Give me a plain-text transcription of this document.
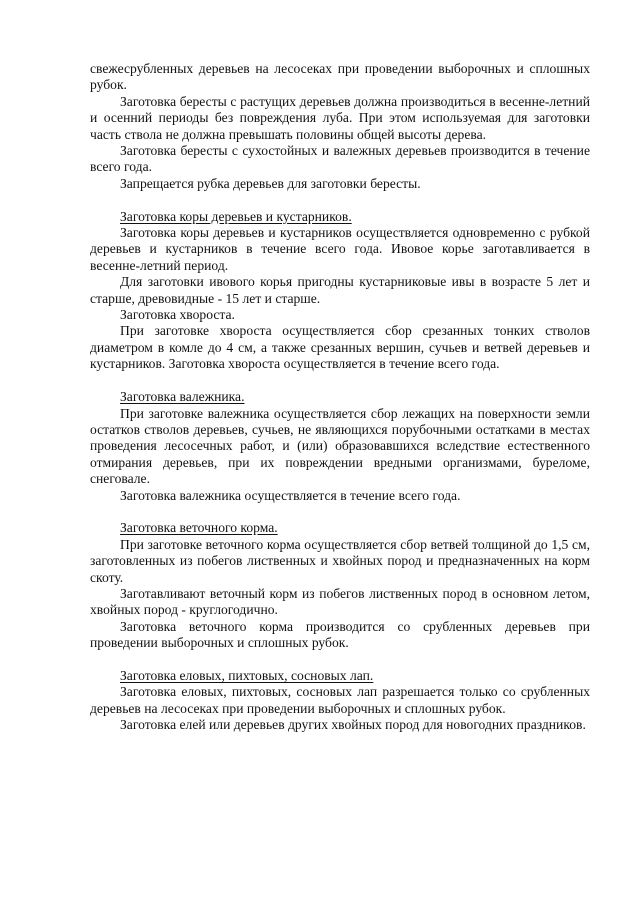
свежесрубленных деревьев на лесосеках при проведении выборочных и сплошных рубок.

Заготовка бересты с растущих деревьев должна производиться в весенне-летний и осенний периоды без повреждения луба. При этом используемая для заготовки часть ствола не должна превышать половины общей высоты дерева.

Заготовка бересты с сухостойных и валежных деревьев производится в течение всего года.

Запрещается рубка деревьев для заготовки бересты.

Заготовка коры деревьев и кустарников.

Заготовка коры деревьев и кустарников осуществляется одновременно с рубкой деревьев и кустарников в течение всего года. Ивовое корье заготавливается в весенне-летний период.

Для заготовки ивового корья пригодны кустарниковые ивы в возрасте 5 лет и старше, древовидные - 15 лет и старше.

Заготовка хвороста.

При заготовке хвороста осуществляется сбор срезанных тонких стволов диаметром в комле до 4 см, а также срезанных вершин, сучьев и ветвей деревьев и кустарников. Заготовка хвороста осуществляется в течение всего года.

Заготовка валежника.

При заготовке валежника осуществляется сбор лежащих на поверхности земли остатков стволов деревьев, сучьев, не являющихся порубочными остатками в местах проведения лесосечных работ, и (или) образовавшихся вследствие естественного отмирания деревьев, при их повреждении вредными организмами, буреломе, снеговале.

Заготовка валежника осуществляется в течение всего года.

Заготовка веточного корма.

При заготовке веточного корма осуществляется сбор ветвей толщиной до 1,5 см, заготовленных из побегов лиственных и хвойных пород и предназначенных на корм скоту.

Заготавливают веточный корм из побегов лиственных пород в основном летом, хвойных пород - круглогодично.

Заготовка веточного корма производится со срубленных деревьев при проведении выборочных и сплошных рубок.

Заготовка еловых, пихтовых, сосновых лап.

Заготовка еловых, пихтовых, сосновых лап разрешается только со срубленных деревьев на лесосеках при проведении выборочных и сплошных рубок.

Заготовка елей или деревьев других хвойных пород для новогодних праздников.
